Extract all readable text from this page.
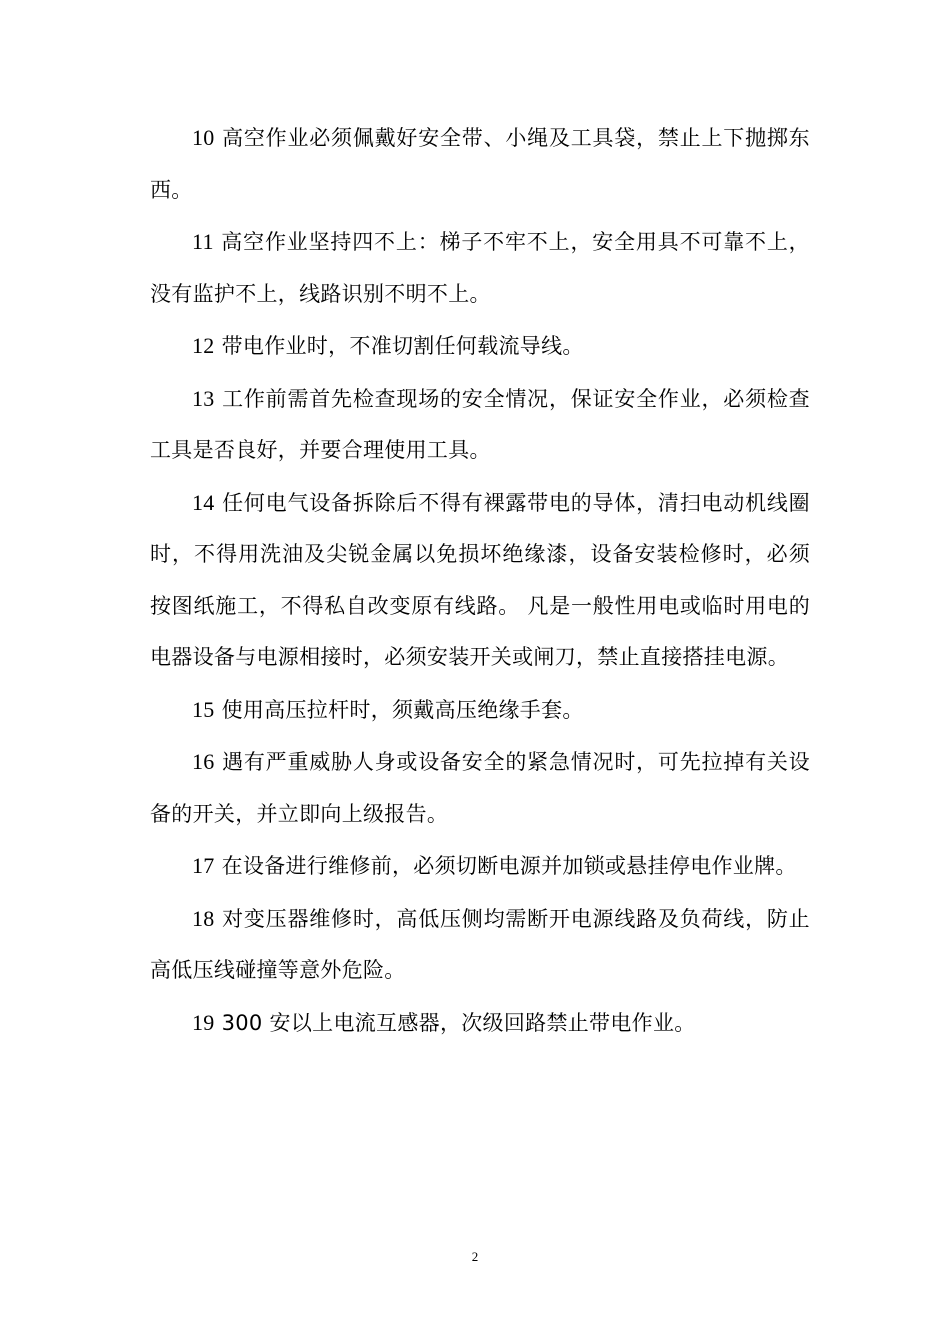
10 高空作业必须佩戴好安全带、小绳及工具袋，禁止上下抛掷东西。

11 高空作业坚持四不上：梯子不牢不上，安全用具不可靠不上，没有监护不上，线路识别不明不上。

12 带电作业时，不准切割任何载流导线。

13 工作前需首先检查现场的安全情况，保证安全作业，必须检查工具是否良好，并要合理使用工具。

14 任何电气设备拆除后不得有裸露带电的导体，清扫电动机线圈时，不得用洗油及尖锐金属以免损坏绝缘漆，设备安装检修时，必须按图纸施工，不得私自改变原有线路。 凡是一般性用电或临时用电的电器设备与电源相接时，必须安装开关或闸刀，禁止直接搭挂电源。

15 使用高压拉杆时，须戴高压绝缘手套。

16 遇有严重威胁人身或设备安全的紧急情况时，可先拉掉有关设备的开关，并立即向上级报告。

17 在设备进行维修前，必须切断电源并加锁或悬挂停电作业牌。

18 对变压器维修时，高低压侧均需断开电源线路及负荷线，防止高低压线碰撞等意外危险。

19 300 安以上电流互感器，次级回路禁止带电作业。

2
